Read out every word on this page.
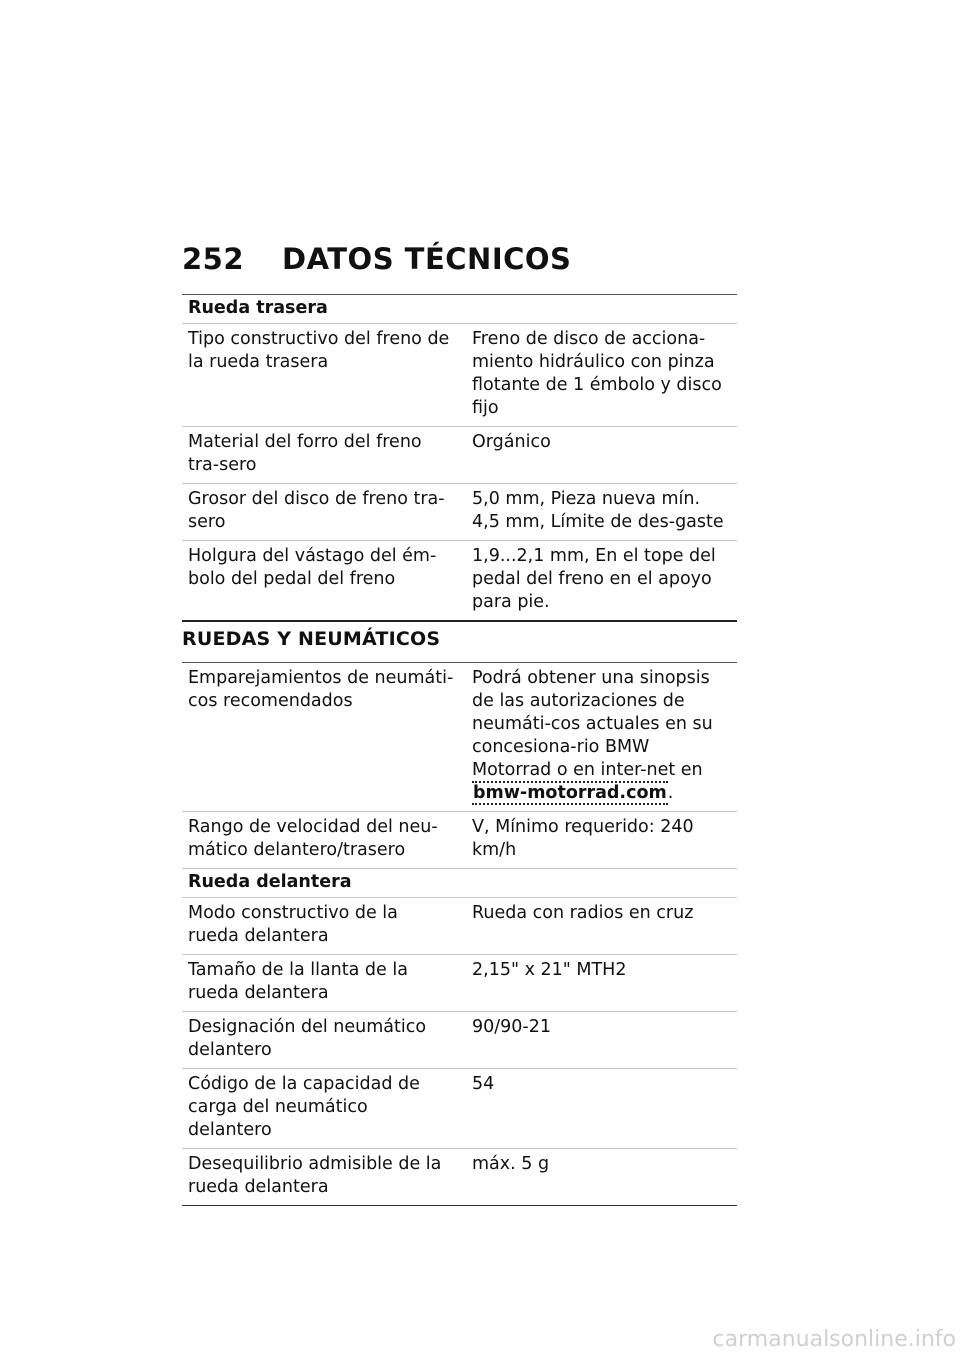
252 DATOS TÉCNICOS
Rueda trasera	
Tipo constructivo del freno de la rueda trasera	Freno de disco de acciona-miento hidráulico con pinza flotante de 1 émbolo y disco fijo
Material del forro del freno tra-sero	Orgánico
Grosor del disco de freno tra-sero	5,0 mm, Pieza nueva mín. 4,5 mm, Límite de des-gaste
Holgura del vástago del ém-bolo del pedal del freno	1,9...2,1 mm, En el tope del pedal del freno en el apoyo para pie.
RUEDAS Y NEUMÁTICOS
Emparejamientos de neumáti-cos recomendados	Podrá obtener una sinopsis de las autorizaciones de neumáti-cos actuales en su concesiona-rio BMW Motorrad o en inter-net en bmw-motorrad.com.
Rango de velocidad del neu-mático delantero/trasero	V, Mínimo requerido: 240 km/h
Rueda delantera	
Modo constructivo de la rueda delantera	Rueda con radios en cruz
Tamaño de la llanta de la rueda delantera	2,15" x 21" MTH2
Designación del neumático delantero	90/90-21
Código de la capacidad de carga del neumático delantero	54
Desequilibrio admisible de la rueda delantera	máx. 5 g
carmanualsonline.info
